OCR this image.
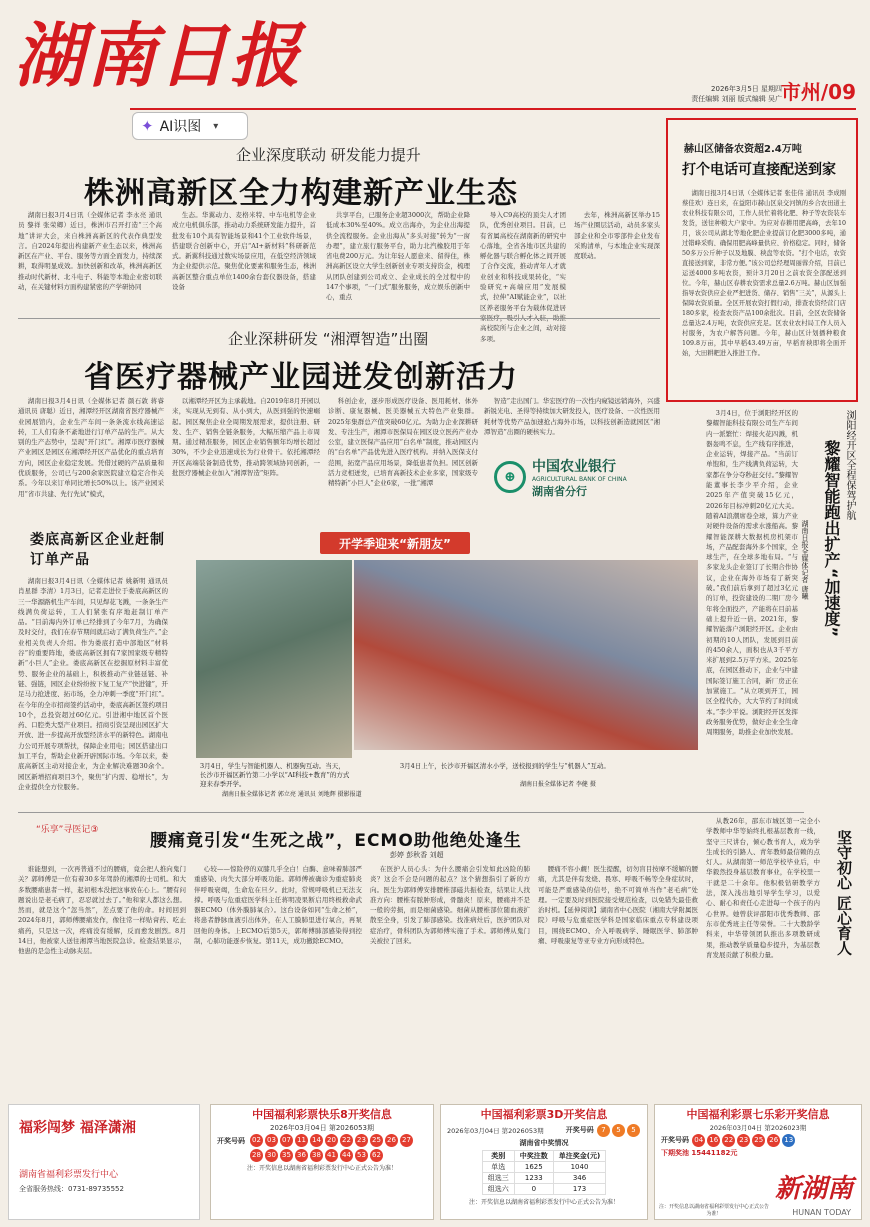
湖南日报	2026年3月5日 星期四
责任编辑 刘丽 版式编辑 吴广
市州/09
✦ AI识图 ▾
企业深度联动 研发能力提升
株洲高新区全力构建新产业生态

湖南日报3月4日讯（全媒体记者 李永亮 通讯员 黎祥 张荣卿）近日，株洲市召开打造“三个高地”讲评大会，来自株洲高新区的代表作典型发言。自2024年提出构建新产业生态以来，株洲高新区在产业、平台、服务等方面全面发力，持续深耕，取得明显成效。加快创新和改革，株洲高新区推动时代新材、北斗电子、科能等本地企业密切联动，在关键材料方面构建紧密的产学研协同

生态。华翼动力、麦格米特、中车电机等企业成立电机俱乐部，推动动力系统研发能力提升，首批发布10个具有智能场景和41个工业软件场景，搭建联合创新中心，开启“AI+新材料”科研新范式。新翼科技通过数实场景应用，在低空经济领域为企业提供示范。聚焦优化要素和服务生态，株洲高新区整合重点单位1400余台套仪器设备，搭建设备

共享平台，已服务企业超3000次，帮助企业降低成本30%至40%。成立出海办，为企业出海提供全流程服务。企业出海从“多头对接”转为“一窗办理”，建立旅行服务平台，助力北汽橡胶用于年省电费200万元。为让年轻人愿意来、留得住，株洲高新区设立大学生创新创业专项支持资金，梳理从团队创建到公司成立、企业成长的全过程中的147个事项，“一门式”服务服务，成立娱乐创新中心，重点

导入C9高校的顶尖人才团队，优秀创业项目。目前，已有省属高校在湖南新的研究中心落地，全省各地市区共建的孵化器与联合孵化体之间开展了合作交流，推动青年人才就业创业和科技成果转化，“实验研究+高端应用”发展模式，拉伸“AI赋能企业”，以社区养老服务平台为载体促进居 高校院所与企业之间，动对接多项。

去年，株洲高新区举办15场产业圈层活动，动员多家头部企业和全市零部件企业发布采购清单，与本地企业实现深度联动。

企业深耕研发 “湘潭智造”出圈
省医疗器械产业园迸发创新活力

湖南日报3月4日讯（全媒体记者 颜石敦 蒋睿 通讯员 唐聪）近日，湘潭经开区湖南省医疗器械产业园展馆内，企业生产车间一条条流水线高速运转，工人们有条不紊地进行订单产品的生产。从大别的生产态势中，呈现“开门红”。湘潭市医疗器械产业园区是园区在湘潭经开区产品优化的重点培育方向，园区企业稳定发展。凭借过硬的产品质量和优质服务，公司已与200余家医院建立稳定合作关系。今年以来订单同比增长50%以上。该产业园采用“省市共建、先行先试”模式，

以湘潭经开区为主承载地。自2019年8月开园以来，实现从无到有、从小到大，从医到强的快速崛起。园区聚焦企业全周期发展需求，提供注册、研发、生产、销售全链条服务，大幅压缩产品上市周期。通过精准服务，园区企业销售额年均增长超过30%，不少企业迅速成长为行业骨干。依托湘潭经开区高端装备制造优势，推动跨领域协同创新，一批医疗器械企业加入“湘潭智造”矩阵。

科创企业，逐步形成医疗设备、医用耗材、体外诊断、康复器械、医美器械五大特色产业集群。2025年集群总产值突破60亿元。为助力企业深耕研发、专注生产，湘潭市医保局在园区设立医药产业办公室，建立医保产品应用“白名单”制度，推动园区内的“白名单”产品优先进入医疗机构。并纳入医保支付范围，拓宽产品应用场景，降低患者负担。园区创新活力竞相迸发，已培育高新技术企业多家，国家级专精特新“小巨人”企业6家，一批“湘潭

智造”走出国门。华宏医疗的一次性内窥镜远销海外，兴盛新锐光电、圣得等持续加大研发投入，医疗设备、一次性医用耗材等优势产品加速抢占海外市场，以科技创新造就园区“湘潭智造”出圈的硬核实力。

⊕
中国农业银行
AGRICULTURAL BANK OF CHINA
湖南省分行
赫山区储备农资超2.4万吨
打个电话可直接配送到家

湖南日报3月4日讯（全媒体记者 张佳伟 通讯员 李成刚 蔡佳欢）连日来，在益阳市赫山区泉交河镇的乡合农田道土农业科技有限公司，工作人员忙着将化肥、种子等农资装车发货，送往种粮大户家中。为应对春耕用肥高峰，去年10月，该公司从湖北等地化肥企业提前订化肥3000多吨，通过错峰采购、确保用肥高峰量供应、价格稳定。同时，储备50多万公斤种子以及地膜、秧盘等农资。“打个电话，农资直接送到家，非常方便。”该公司总经理周丽蓉介绍，目前已运送4000多吨农资，预计3月20日之前农资全部配送到位。今年，赫山区春耕农资需求总量2.6万吨。赫山区加强指导农资供应企业严把进货、储存、销售“三关”，从源头上保障农资质量。全区开展农资打假行动，排查农资经营门店180多家，检查农资产品100余批次。目前，全区农资储备总量达2.4万吨，农资供应充足。区农业农村局工作人员入村服务，为农户解答问题。今年，赫山区计划播种粮食109.8万亩，其中早稻43.49万亩，早稻育秧即将全面开始，大田耕耙进入推进工作。

浏阳经开区全程保驾护航
黎耀智能跑出扩产“加速度”
湖南日报全媒体记者 唐曦

3月4日，位于浏阳经开区的黎耀智能科技有限公司生产车间内一派繁忙：焊接火花四溅，机器轰鸣不息，生产线有序推进，企业运转，焊接产品。“当前订单饱和，生产线满负荷运转，大家都在争分夺秒赶交付。”黎耀智能董事长李少平介绍，企业2025年产值突破15亿元，2026年目标冲刺20亿元大关。随着AI浪潮席卷全球，算力产业对硬件设备的需求水涨船高。黎耀智能深耕大数据机房机架市场，产品配套海外多个国家，全球生产，在全球多地布局。“与多家龙头企业签订了长期合作协议，企业在海外市场有了新突破。”我们前后拿到了超过3亿元的订单，投资建设的二期厂房今年将全面投产，产能将在目前基础上提升近一倍。2021年，黎耀智能落户浏阳经开区。企业由初期的10人团队，发展到目前的450余人，面积也从3千平方米扩展到2.5万平方米。2025年底，在园区推动下，企业与中建国际签订施工合同，新厂房正在加紧施工。“从立项到开工，园区全程代办，大大节约了时间成本。”李少平说。浏阳经开区发挥政务服务优势，做好企业全生命周期服务，助推企业加快发展。

娄底高新区企业赶制订单产品

湖南日报3月4日讯（全媒体记者 姚新明 通讯员 肖星群 李清）1月3日，记者走进位于娄底高新区的三一华源路机生产车间，只见焊花飞溅，一条条生产线满负荷运转，工人们紧张有序地赶制订单产品。“目前海内外订单已经排到了今年7月，为确保及时交付，我们在春节期间就启动了满负荷生产。”企业相关负责人介绍。作为娄底打造中部地区“材料谷”的重要阵地，娄底高新区拥有7家国家级专精特新“小巨人”企业。娄底高新区在挖掘原材料丰富优势、服务企业的基础上，积极推动产业链延链、补链、强链，园区企业纷纷按下复工复产“快进键”，开足马力抢进度、拓市场，全力冲刺一季度“开门红”。在今年的全市招商签约活动中，娄底高新区签约项目10个，总投资超过60亿元。引进湘中地区首个医药、口腔类大型产业项目。招商引资呈现出园区扩大开放、进一步提高开放型经济水平的新特色。湖南电力公司开展专项帮扶，保障企业用电；园区搭建出口加工平台，帮助企业新开辟国际市场。今年以来，娄底高新区主动对接企业，为企业解决难题30余个。园区新增招商项目3个，聚焦“扩内需、稳增长”，为企业提供全方位服务。

开学季迎来“新朋友”
3月4日，学生与智能机器人、机器狗互动。当天，长沙市开福区新竹第二小学以“AI科技+教育”的方式迎来春季开学。
湖南日报全媒体记者 郭立亮 通讯员 刘地辉 摄影报道
3月4日上午，长沙市开福区清水小学，送校报到的学生与“机器人”互动。
湖南日报全媒体记者 李健 摄
“乐享”寻医记③
腰痛竟引发“生死之战”，ECMO助他绝处逢生
彭婷 彭秋香 刘超

谁能想到，一次再普通不过的腰痛，竟会把人推向鬼门关？郭师傅是一位有着30多年驾龄的湘潭的士司机。和大多数腰痛患者一样，起初根本没把这事放在心上。“腰有问题说出是老毛病了，忍忍就过去了。”他和家人都这么想。然而，就是这个“忽当然”，差点要了他的命。时间回到2024年8月，郭师傅腰痛发作，像往常一样贴膏药、吃止痛药，只是这一次，疼痛没有缓解，反而愈发剧烈。8月14日，他被家人送往湘潭当地医院急诊。检查结果显示，他患的是急性主动脉夹层。

心较——惊险停的双膝几乎全白！白酶、意味着肺部严重感染、肉失大部分呼吸功能。郭师傅被确诊为重症肺炎伴呼吸衰竭，生命危在旦夕。此时，常规呼吸机已无法支撑。呼吸与危重症医学科主任蒋明凌果断启用终极救命武器ECMO（体外膜肺氧合）。这台设备如同“生命之桥”，将患者静脉血液引出体外，在人工膜肺里进行氧合，再泵回他的身体。上ECMO后第5天，郭师傅肺部感染得到控制，心肺功能逐步恢复。第11天，成功撤除ECMO。

在医护人员心头：为什么腰痛会引发如此凶险的肺炎？这会不会是问题的起点？这个猜想指引了新的方向。医生为郭师傅安排腰椎部磁共振检查，结果让人找准方向：腰椎有脓肿形成，骨髓炎！原来，腰痛并不是一般的劳损，而是细菌感染。细菌从腰椎部位随血液扩散至全身，引发了肺部感染。找准病灶后，医护团队对症治疗，骨科团队为郭师傅实施了手术。郭师傅从鬼门关被拉了回来。

腰痛不容小觑！医生提醒，切勿盲目按摩不缓解的腰痛，尤其是伴有发烧、畏寒、呼吸不畅等全身症状时，可能是严重感染的信号，绝不可简单当作“老毛病”处理。一定要及时到医院接受规范检查，以免错失最佳救治时机。【延伸阅读】湖南省中心医院（湘南大学附属医院）呼吸与危重症医学科是国家临床重点专科建设项目，围绕ECMO、介入呼吸病学、睡眠医学、肺部肿瘤、呼吸康复等亚专业方向形成特色。	坚守初心 匠心育人

从教26年，邵东市城区第一完全小学教师中华等始终扎根基层教育一线，坚守三尺讲台，倾心教书育人，成为学生成长的引路人、青年教师最信赖的点灯人。从湖南第一师范学校毕业后，中华毅然投身基层教育事业，在学校里一干就是二十余年。他积极钻研教学方法，深入浅出地引导学生学习，以爱心、耐心和责任心走进每一个孩子的内心世界。她曾获评邵阳市优秀教师、邵东市优秀班主任等荣誉。二十大教龄学科来，中华带领团队推出多项教研成果，推动教学质量稳步提升，为基层教育发展贡献了积极力量。

福彩闯梦 福泽潇湘
湖南省福利彩票发行中心
全省服务热线：0731-89735552
中国福利彩票快乐8开奖信息
2026年03月04日 第2026053期
开奖号码	02 03 07 11 14 20 22 23 25 26 2728 30 35 36 38 41 44 53 62
注：开奖信息以湖南省福利彩票发行中心正式公告为准！
中国福利彩票3D开奖信息
2026年03月04日 第2026053期	开奖号码 7 5 5
湖南省中奖情况
类别	中奖注数	单注奖金(元)
单选	1625	1040
组选三	1233	346
组选六	0	173
注：开奖信息以湖南省福利彩票发行中心正式公告为准！
中国福利彩票七乐彩开奖信息
2026年03月04日 第2026023期
开奖号码 04 16 22 23 25 26 13
下期奖池 15441182元
新湖南
HUNAN TODAY
注：开奖信息以湖南省福利彩票发行中心正式公告为准！
